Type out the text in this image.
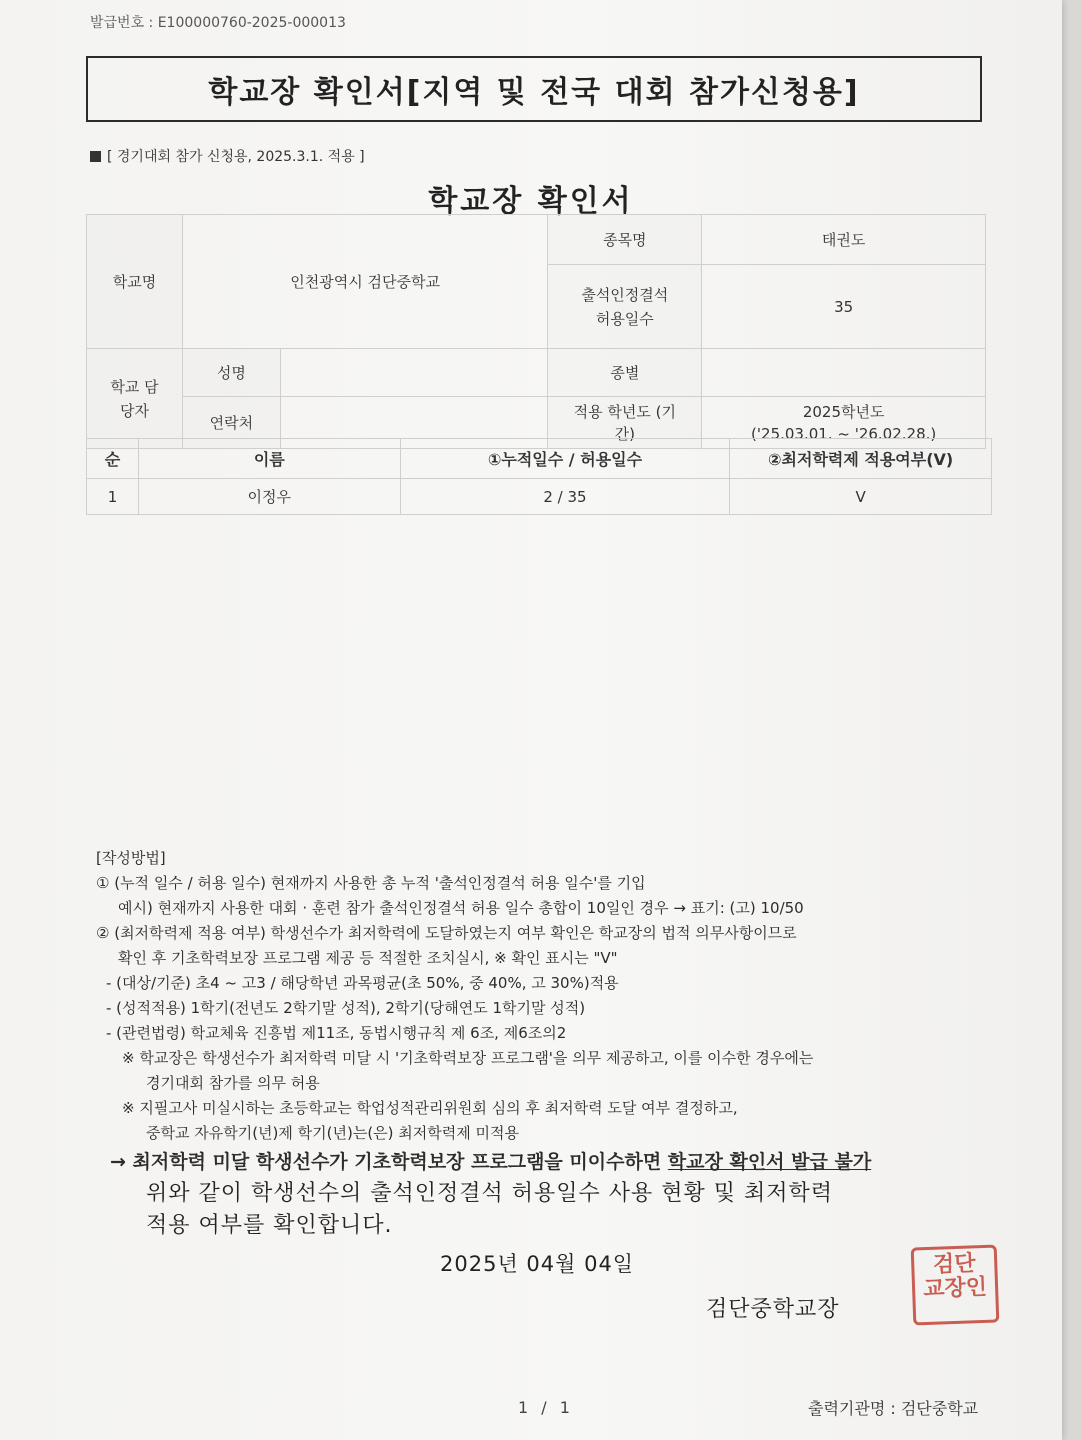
발급번호 : E100000760-2025-000013
학교장 확인서[지역 및 전국 대회 참가신청용]
[ 경기대회 참가 신청용, 2025.3.1. 적용 ]
학교장 확인서
학교명	인천광역시 검단중학교		종목명	태권도

			출석인정결석 허용일수	35

학교 담당자	성명		종별	
	연락처		적용 학년도 (기간)	2025학년도
('25.03.01. ~ '26.02.28.)
순	이름	①누적일수 / 허용일수	②최저학력제 적용여부(V)
1	이정우	2 / 35	V
[작성방법]
① (누적 일수 / 허용 일수) 현재까지 사용한 총 누적 '출석인정결석 허용 일수'를 기입
예시) 현재까지 사용한 대회 · 훈련 참가 출석인정결석 허용 일수 총합이 10일인 경우 → 표기: (고) 10/50
② (최저학력제 적용 여부) 학생선수가 최저학력에 도달하였는지 여부 확인은 학교장의 법적 의무사항이므로
확인 후 기초학력보장 프로그램 제공 등 적절한 조치실시, ※ 확인 표시는 "V"
- (대상/기준) 초4 ~ 고3 / 해당학년 과목평균(초 50%, 중 40%, 고 30%)적용
- (성적적용) 1학기(전년도 2학기말 성적), 2학기(당해연도 1학기말 성적)
- (관련법령) 학교체육 진흥법 제11조, 동법시행규칙 제 6조, 제6조의2
※ 학교장은 학생선수가 최저학력 미달 시 '기초학력보장 프로그램'을 의무 제공하고, 이를 이수한 경우에는
경기대회 참가를 의무 허용
※ 지필고사 미실시하는 초등학교는 학업성적관리위원회 심의 후 최저학력 도달 여부 결정하고,
중학교 자유학기(년)제 학기(년)는(은) 최저학력제 미적용
→ 최저학력 미달 학생선수가 기초학력보장 프로그램을 미이수하면 학교장 확인서 발급 불가
위와 같이 학생선수의 출석인정결석 허용일수 사용 현황 및 최저학력
적용 여부를 확인합니다.
2025년 04월 04일
검단중학교장
검단
교장인
1 / 1	출력기관명 : 검단중학교
